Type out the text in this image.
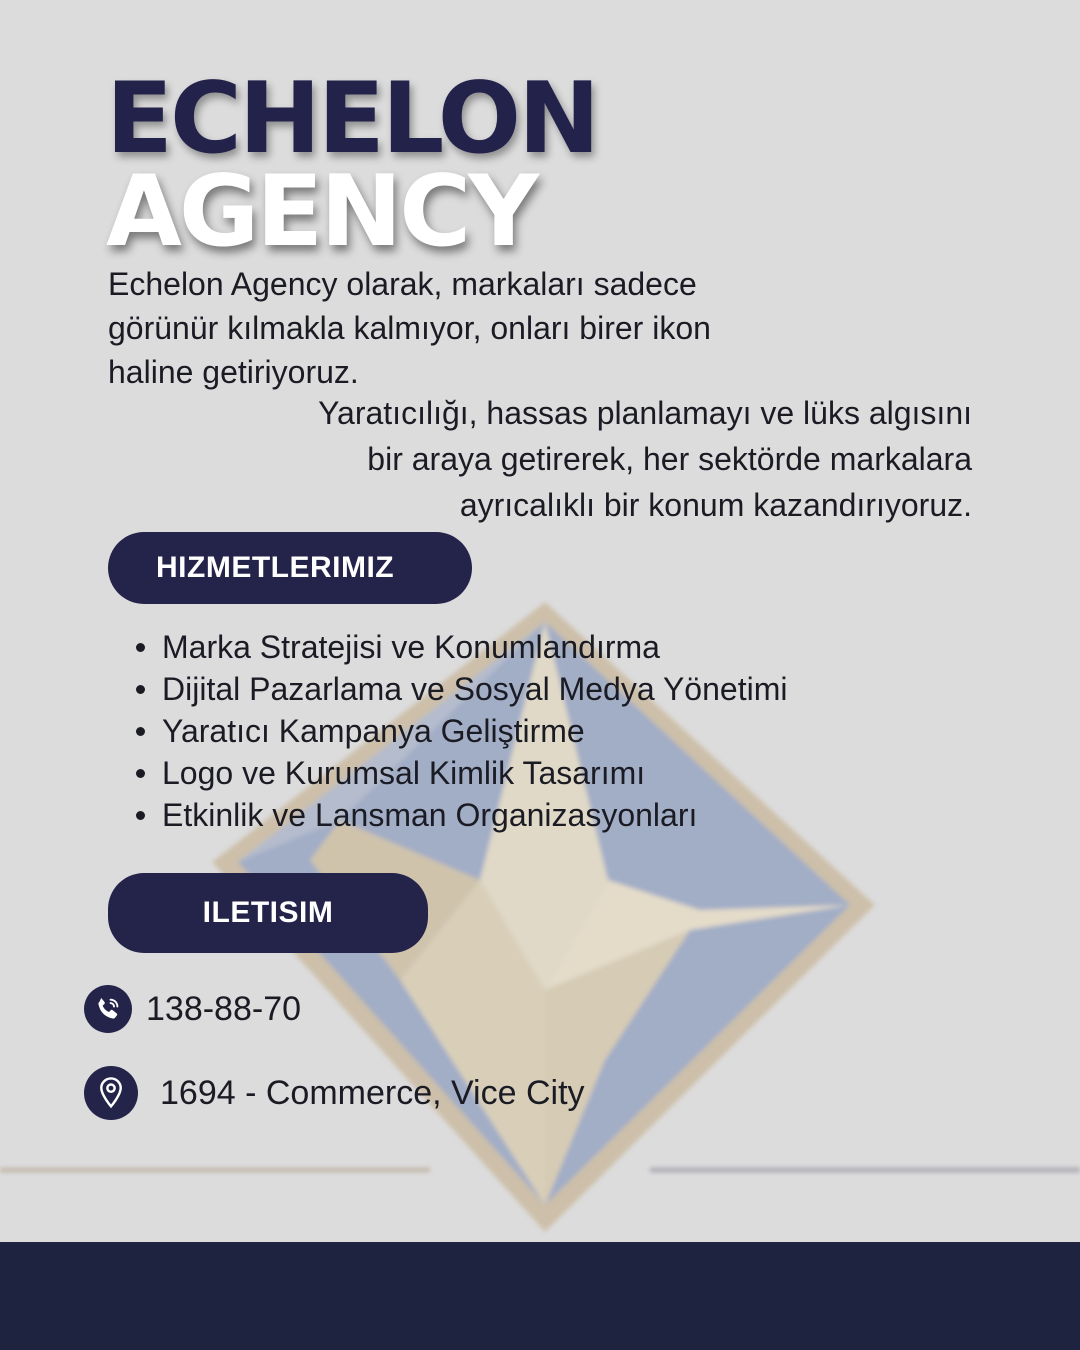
ECHELON
AGENCY

Echelon Agency olarak, markaları sadece
görünür kılmakla kalmıyor, onları birer ikon
haline getiriyoruz.

Yaratıcılığı, hassas planlamayı ve lüks algısını
bir araya getirerek, her sektörde markalara
ayrıcalıklı bir konum kazandırıyoruz.

HIZMETLERIMIZ
Marka Stratejisi ve Konumlandırma
Dijital Pazarlama ve Sosyal Medya Yönetimi
Yaratıcı Kampanya Geliştirme
Logo ve Kurumsal Kimlik Tasarımı
Etkinlik ve Lansman Organizasyonları
ILETISIM
138-88-70
1694 - Commerce, Vice City
